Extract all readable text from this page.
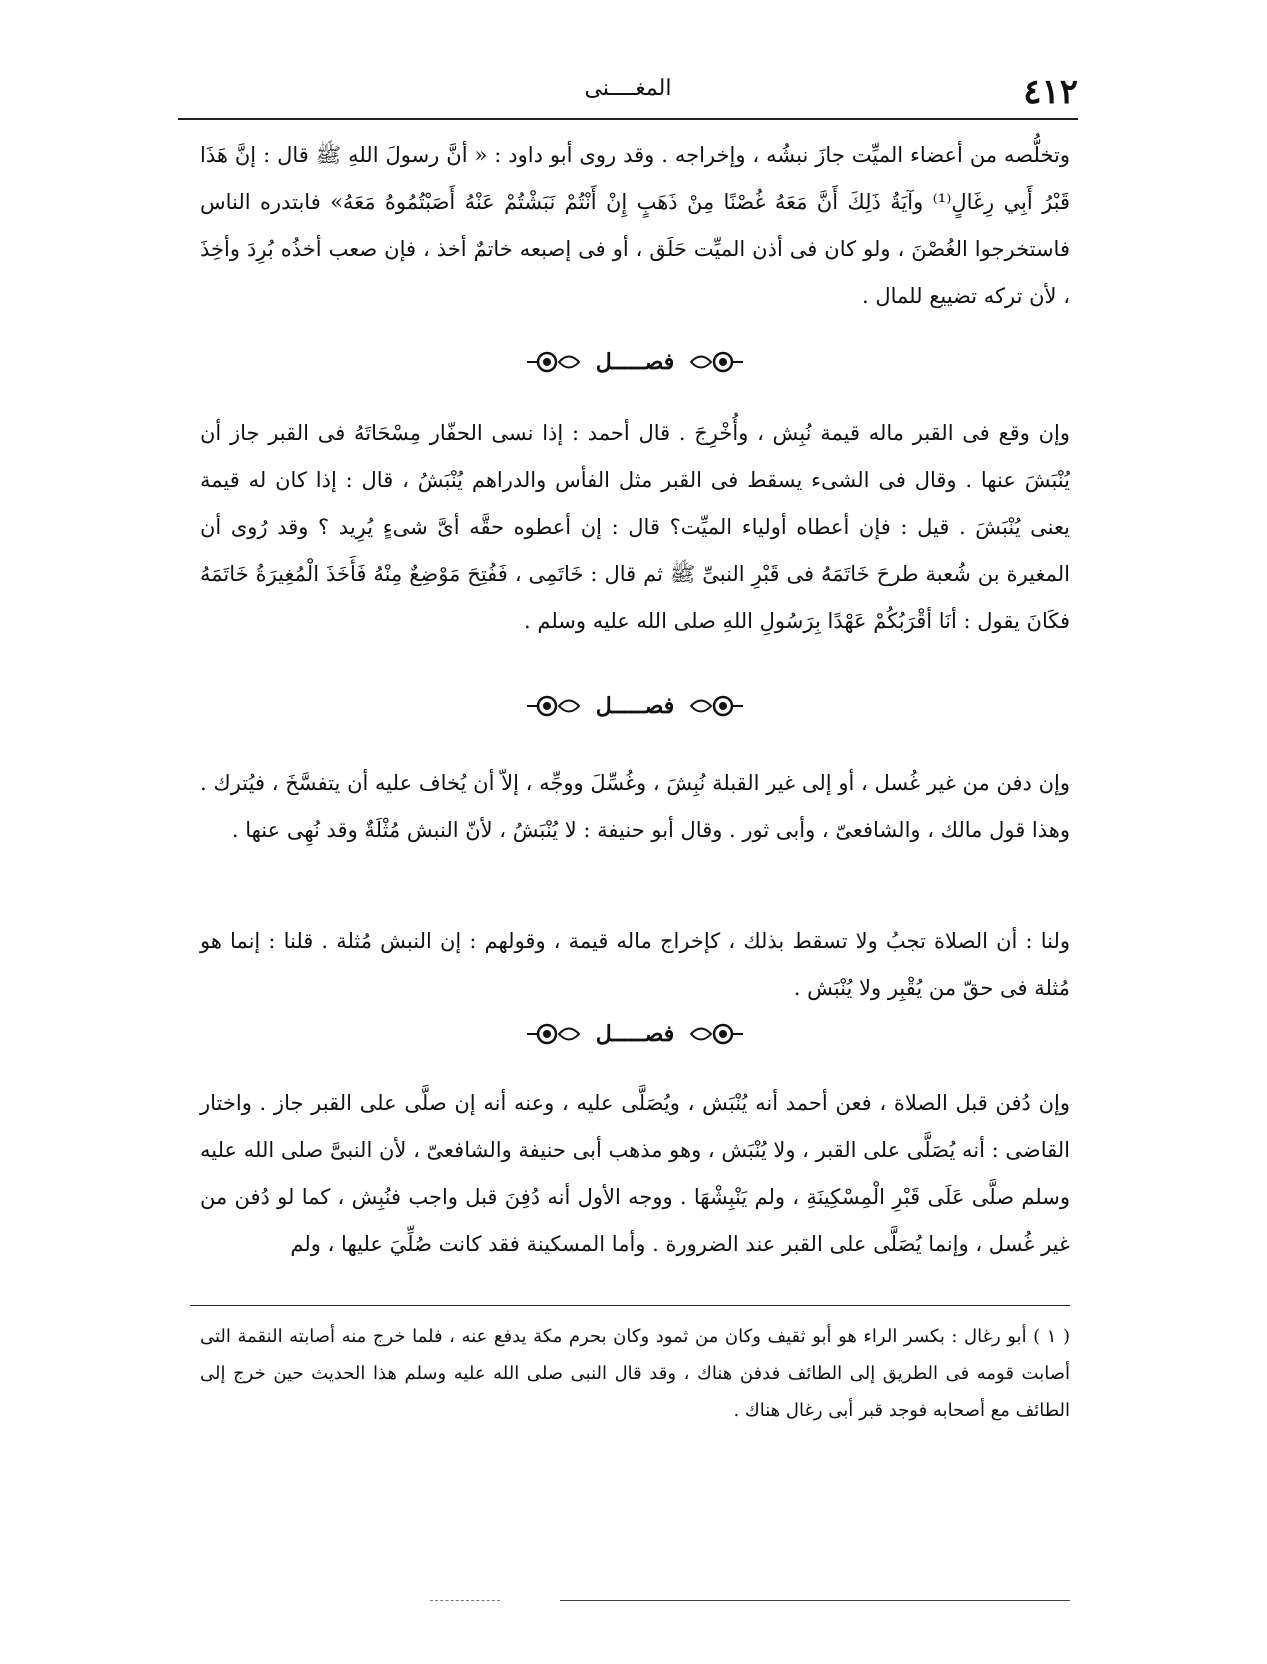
٤١٢
المغــــنى

وتخلُّصه من أعضاء الميِّت جازَ نبشُه ، وإخراجه . وقد روى أبو داود : « أنَّ رسولَ اللهِ ﷺ قال : إنَّ هَذَا قَبْرُ أَبِي رِغَالٍ⁽¹⁾ وآيَةُ ذَلِكَ أَنَّ مَعَهُ غُصْنًا مِنْ ذَهَبٍ إِنْ أَنْتُمْ نَبَشْتُمْ عَنْهُ أَصَبْتُمُوهُ مَعَهُ» فابتدره الناس فاستخرجوا الغُصْنَ ، ولو كان فى أذن الميِّت حَلَق ، أو فى إصبعه خاتمٌ أخذ ، فإن صعب أخذُه بُرِدَ وأخِذَ ، لأن تركه تضييع للمال .

فصـــــل

وإن وقع فى القبر ماله قيمة نُبِش ، وأُخْرِجَ . قال أحمد : إذا نسى الحفّار مِسْحَاتَهُ فى القبر جاز أن يُنْبَشَ عنها . وقال فى الشىء يسقط فى القبر مثل الفأس والدراهم يُنْبَشُ ، قال : إذا كان له قيمة يعنى يُنْبَشَ . قيل : فإن أعطاه أولياء الميِّت؟ قال : إن أعطوه حقَّه أىَّ شىءٍ يُرِيد ؟ وقد رُوى أن المغيرة بن شُعبة طرحَ خَاتَمَهُ فى قَبْرِ النبىِّ ﷺ ثم قال : خَاتَمِى ، فَفُتِحَ مَوْضِعٌ مِنْهُ فَأَخَذَ الْمُغِيرَةُ خَاتَمَهُ فكَانَ يقول : أنَا أقْرَبُكُمْ عَهْدًا بِرَسُولِ اللهِ صلى الله عليه وسلم .

فصـــــل

وإن دفن من غير غُسل ، أو إلى غير القبلة نُبِشَ ، وغُسِّلَ ووجِّه ، إلاّ أن يُخاف عليه أن يتفسَّخَ ، فيُترك . وهذا قول مالك ، والشافعىّ ، وأبى ثور . وقال أبو حنيفة : لا يُنْبَشُ ، لأنّ النبش مُثْلَةٌ وقد نُهِى عنها .

ولنا : أن الصلاة تجبُ ولا تسقط بذلك ، كإخراج ماله قيمة ، وقولهم : إن النبش مُثلة . قلنا : إنما هو مُثلة فى حقّ من يُقْبِر ولا يُنْبَش .

فصـــــل

وإن دُفن قبل الصلاة ، فعن أحمد أنه يُنْبَش ، ويُصَلَّى عليه ، وعنه أنه إن صلَّى على القبر جاز . واختار القاضى : أنه يُصَلَّى على القبر ، ولا يُنْبَش ، وهو مذهب أبى حنيفة والشافعىّ ، لأن النبىَّ صلى الله عليه وسلم صلَّى عَلَى قَبْرِ الْمِسْكِينَةِ ، ولم يَنْبِشْهَا . ووجه الأول أنه دُفِنَ قبل واجب فنُبِش ، كما لو دُفن من غير غُسل ، وإنما يُصَلَّى على القبر عند الضرورة . وأما المسكينة فقد كانت صُلِّيَ عليها ، ولم

( ١ ) أبو رغال : بكسر الراء هو أبو ثقيف وكان من ثمود وكان بحرم مكة يدفع عنه ، فلما خرج منه أصابته النقمة التى أصابت قومه فى الطريق إلى الطائف فدفن هناك ، وقد قال النبى صلى الله عليه وسلم هذا الحديث حين خرج إلى الطائف مع أصحابه فوجد قبر أبى رغال هناك .
